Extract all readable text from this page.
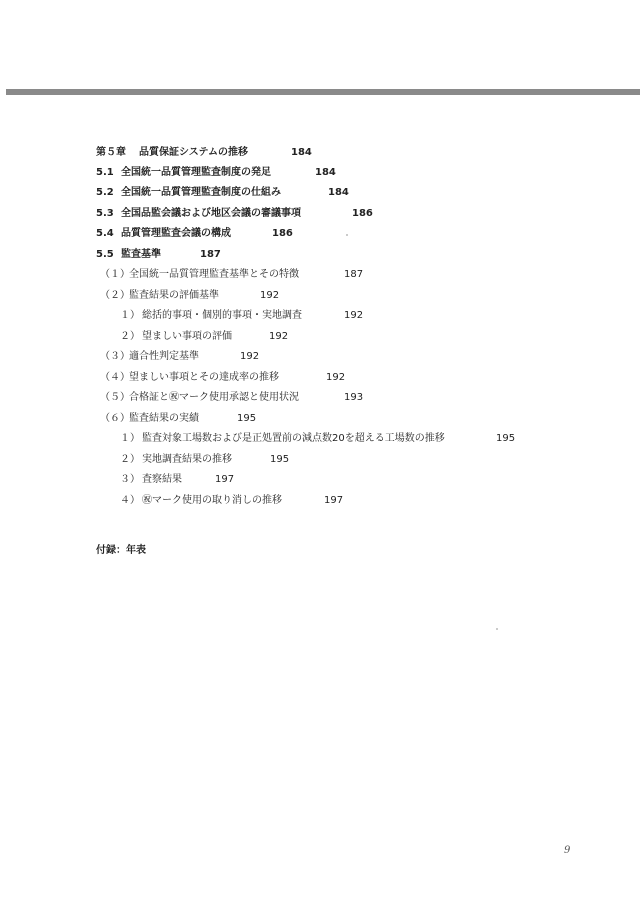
第５章 品質保証システムの推移	184
5.1 全国統一品質管理監査制度の発足	184
5.2 全国統一品質管理監査制度の仕組み	184
5.3 全国品監会議および地区会議の審議事項	186
5.4 品質管理監査会議の構成	186
5.5 監査基準	187
（１） 全国統一品質管理監査基準とその特徴	187
（２） 監査結果の評価基準	192
１） 総括的事項・個別的事項・実地調査	192
２） 望ましい事項の評価	192
（３） 適合性判定基準	192
（４） 望ましい事項とその達成率の推移	192
（５） 合格証と㊗マーク使用承認と使用状況	193
（６） 監査結果の実績	195
１） 監査対象工場数および是正処置前の減点数20を超える工場数の推移	195
２） 実地調査結果の推移	195
３） 査察結果	197
４） ㊗マーク使用の取り消しの推移	197
付録：年表
9
